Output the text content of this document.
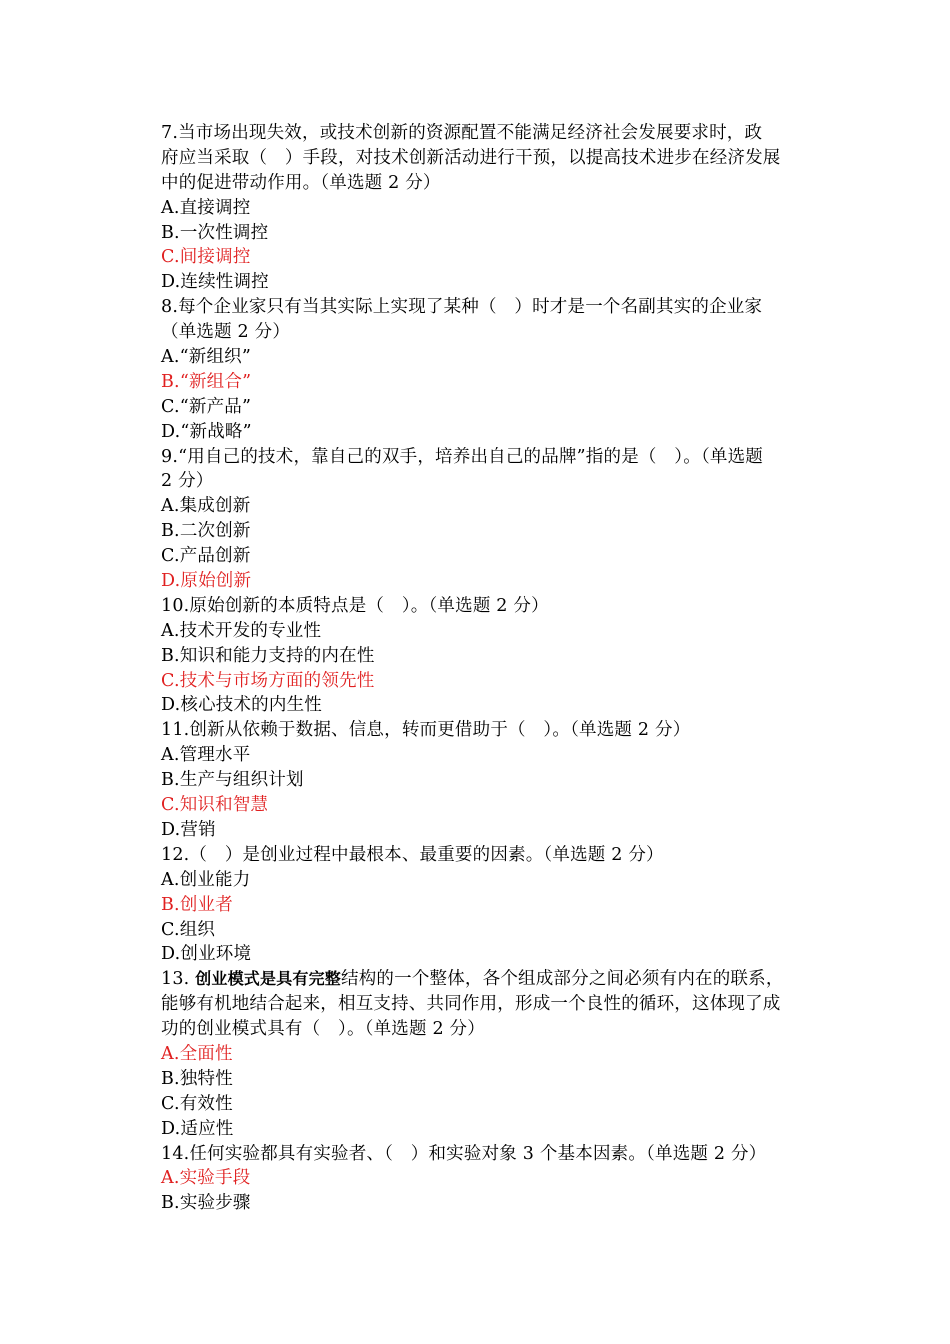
7.当市场出现失效，或技术创新的资源配置不能满足经济社会发展要求时，政
府应当采取（　）手段，对技术创新活动进行干预，以提高技术进步在经济发展
中的促进带动作用。（单选题 2 分）
A.直接调控
B.一次性调控
C.间接调控
D.连续性调控
8.每个企业家只有当其实际上实现了某种（　）时才是一个名副其实的企业家
（单选题 2 分）
A.“新组织”
B.“新组合”
C.“新产品”
D.“新战略”
9.“用自己的技术，靠自己的双手，培养出自己的品牌”指的是（　）。（单选题
2 分）
A.集成创新
B.二次创新
C.产品创新
D.原始创新
10.原始创新的本质特点是（　）。（单选题 2 分）
A.技术开发的专业性
B.知识和能力支持的内在性
C.技术与市场方面的领先性
D.核心技术的内生性
11.创新从依赖于数据、信息，转而更借助于（　）。（单选题 2 分）
A.管理水平
B.生产与组织计划
C.知识和智慧
D.营销
12.（　）是创业过程中最根本、最重要的因素。（单选题 2 分）
A.创业能力
B.创业者
C.组织
D.创业环境
13. 创业模式是具有完整结构的一个整体，各个组成部分之间必须有内在的联系，
能够有机地结合起来，相互支持、共同作用，形成一个良性的循环，这体现了成
功的创业模式具有（　）。（单选题 2 分）
A.全面性
B.独特性
C.有效性
D.适应性
14.任何实验都具有实验者、（　）和实验对象 3 个基本因素。（单选题 2 分）
A.实验手段
B.实验步骤
